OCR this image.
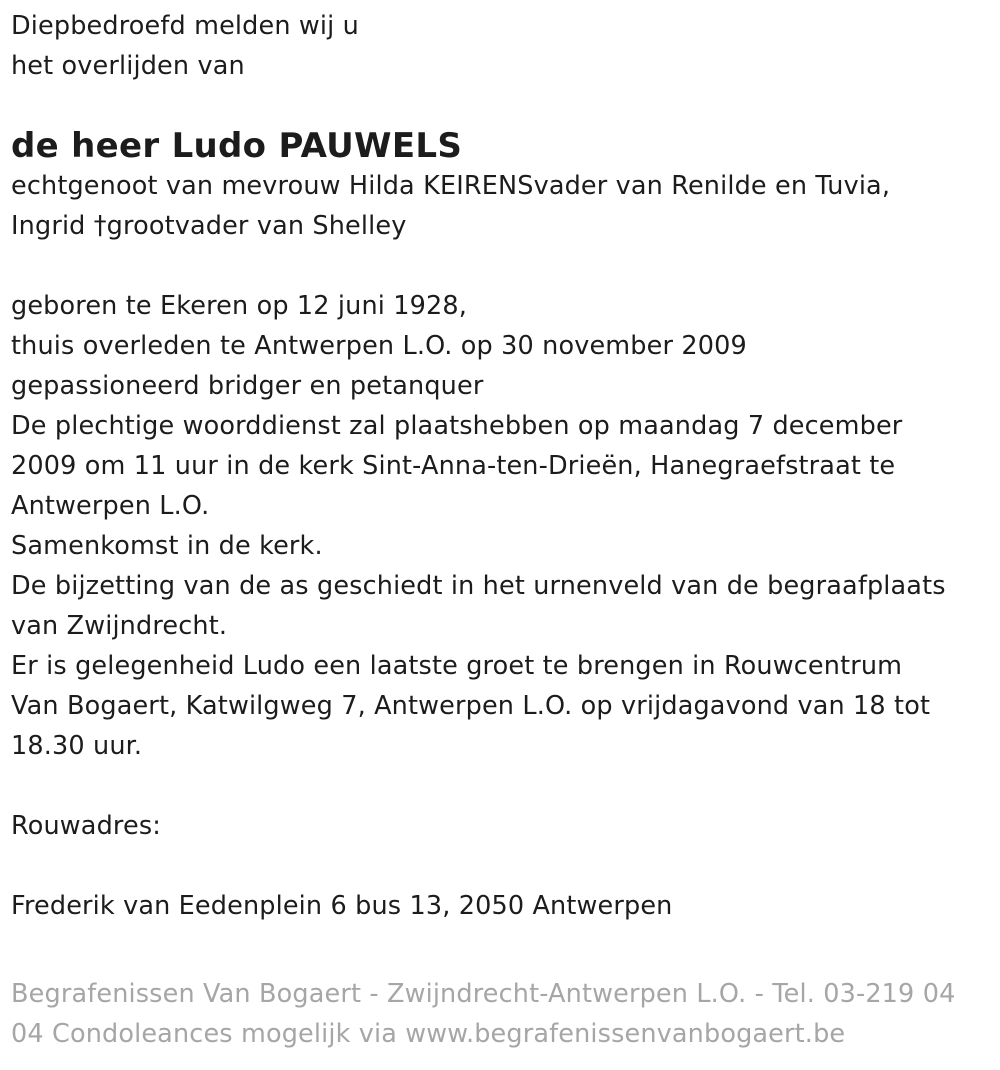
Diepbedroefd melden wij u
het overlijden van
de heer Ludo PAUWELS
echtgenoot van mevrouw Hilda KEIRENSvader van Renilde en Tuvia,
Ingrid †grootvader van Shelley
geboren te Ekeren op 12 juni 1928,
thuis overleden te Antwerpen L.O. op 30 november 2009
gepassioneerd bridger en petanquer
De plechtige woorddienst zal plaatshebben op maandag 7 december
2009 om 11 uur in de kerk Sint-Anna-ten-Drieën, Hanegraefstraat te
Antwerpen L.O.
Samenkomst in de kerk.
De bijzetting van de as geschiedt in het urnenveld van de begraafplaats
van Zwijndrecht.
Er is gelegenheid Ludo een laatste groet te brengen in Rouwcentrum
Van Bogaert, Katwilgweg 7, Antwerpen L.O. op vrijdagavond van 18 tot
18.30 uur.
Rouwadres:
Frederik van Eedenplein 6 bus 13, 2050 Antwerpen
Begrafenissen Van Bogaert - Zwijndrecht-Antwerpen L.O. - Tel. 03-219 04
04 Condoleances mogelijk via www.begrafenissenvanbogaert.be
